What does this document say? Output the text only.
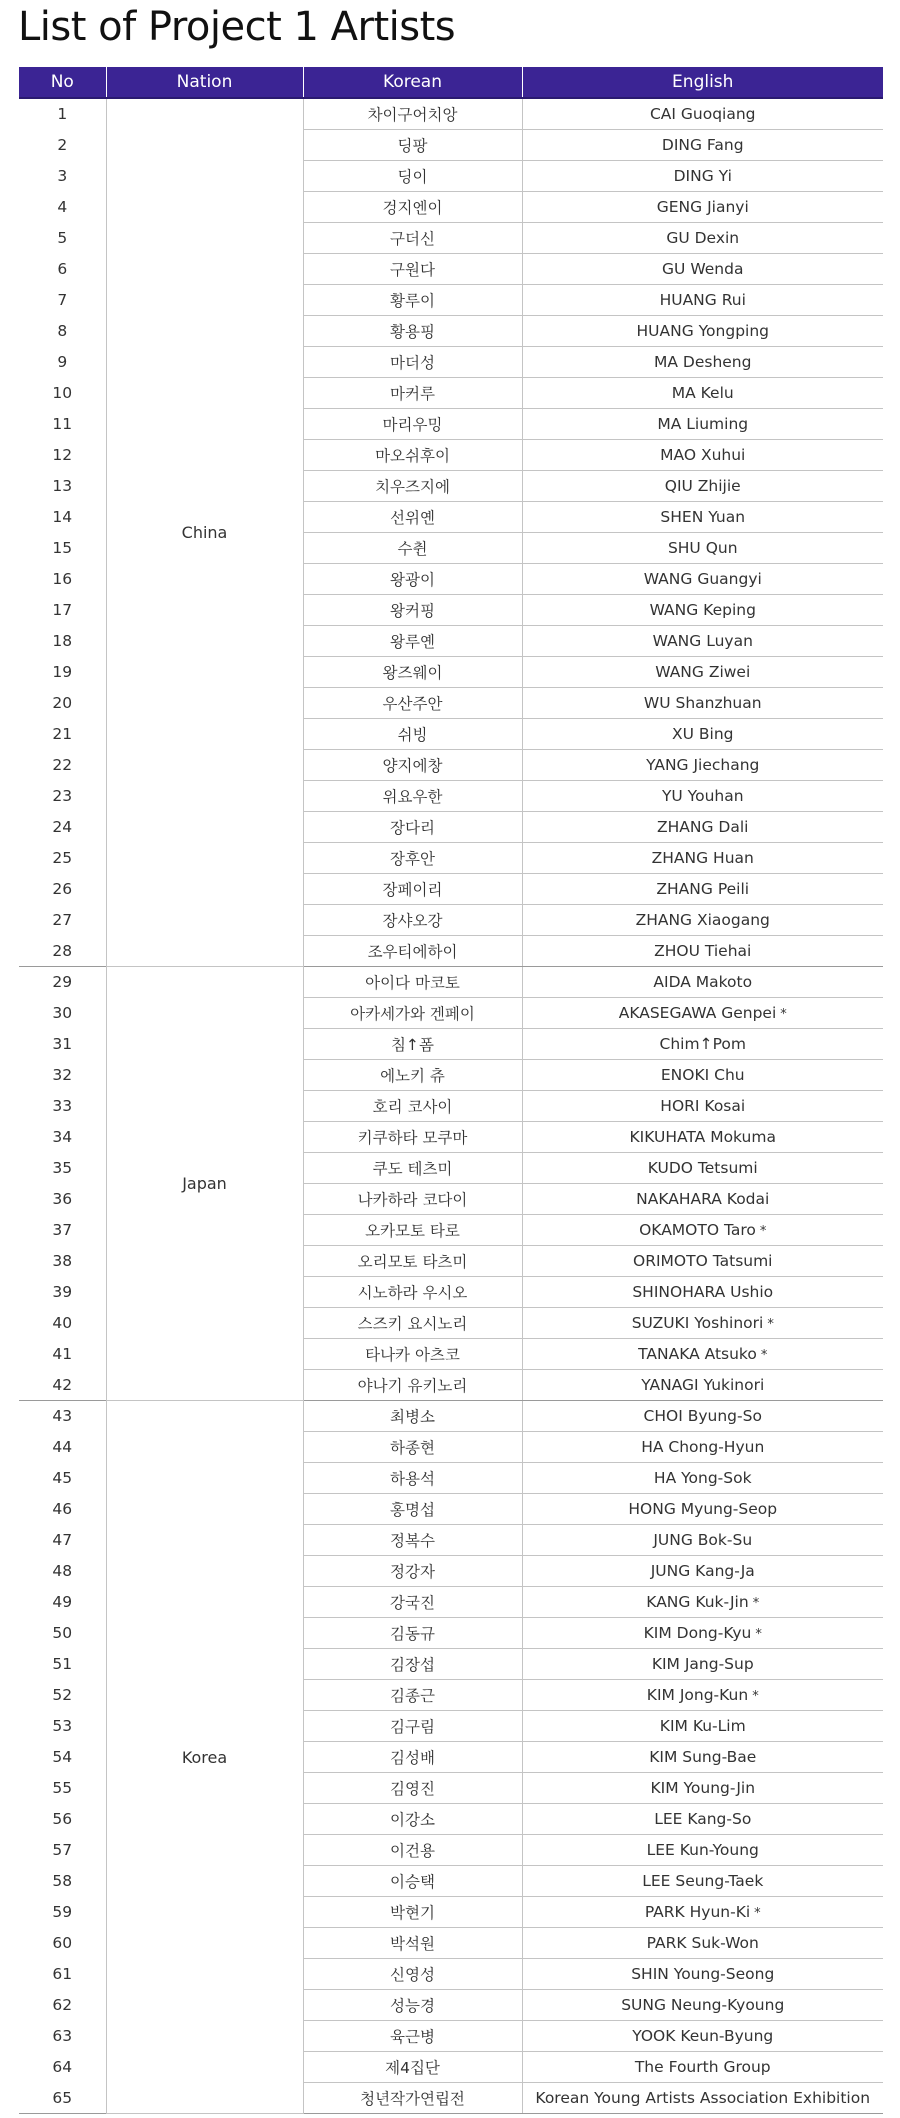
List of Project 1 Artists
No	Nation	Korean	English
1	China	차이구어치앙	CAI Guoqiang
2		딩팡	DING Fang
3		딩이	DING Yi
4		겅지엔이	GENG Jianyi
5		구더신	GU Dexin
6		구원다	GU Wenda
7		황루이	HUANG Rui
8		황용핑	HUANG Yongping
9		마더성	MA Desheng
10		마커루	MA Kelu
11		마리우밍	MA Liuming
12		마오쉬후이	MAO Xuhui
13		치우즈지에	QIU Zhijie
14		선위옌	SHEN Yuan
15		수췬	SHU Qun
16		왕광이	WANG Guangyi
17		왕커핑	WANG Keping
18		왕루옌	WANG Luyan
19		왕즈웨이	WANG Ziwei
20		우산주안	WU Shanzhuan
21		쉬빙	XU Bing
22		양지에창	YANG Jiechang
23		위요우한	YU Youhan
24		장다리	ZHANG Dali
25		장후안	ZHANG Huan
26		장페이리	ZHANG Peili
27		장샤오강	ZHANG Xiaogang
28		조우티에하이	ZHOU Tiehai
29	Japan	아이다 마코토	AIDA Makoto
30		아카세가와 겐페이	AKASEGAWA Genpei *
31		침↑폼	Chim↑Pom
32		에노키 츄	ENOKI Chu
33		호리 코사이	HORI Kosai
34		키쿠하타 모쿠마	KIKUHATA Mokuma
35		쿠도 테츠미	KUDO Tetsumi
36		나카하라 코다이	NAKAHARA Kodai
37		오카모토 타로	OKAMOTO Taro *
38		오리모토 타츠미	ORIMOTO Tatsumi
39		시노하라 우시오	SHINOHARA Ushio
40		스즈키 요시노리	SUZUKI Yoshinori *
41		타나카 아츠코	TANAKA Atsuko *
42		야나기 유키노리	YANAGI Yukinori
43	Korea	최병소	CHOI Byung-So
44		하종현	HA Chong-Hyun
45		하용석	HA Yong-Sok
46		홍명섭	HONG Myung-Seop
47		정복수	JUNG Bok-Su
48		정강자	JUNG Kang-Ja
49		강국진	KANG Kuk-Jin *
50		김동규	KIM Dong-Kyu *
51		김장섭	KIM Jang-Sup
52		김종근	KIM Jong-Kun *
53		김구림	KIM Ku-Lim
54		김성배	KIM Sung-Bae
55		김영진	KIM Young-Jin
56		이강소	LEE Kang-So
57		이건용	LEE Kun-Young
58		이승택	LEE Seung-Taek
59		박현기	PARK Hyun-Ki *
60		박석원	PARK Suk-Won
61		신영성	SHIN Young-Seong
62		성능경	SUNG Neung-Kyoung
63		육근병	YOOK Keun-Byung
64		제4집단	The Fourth Group
65		청년작가연립전	Korean Young Artists Association Exhibition
